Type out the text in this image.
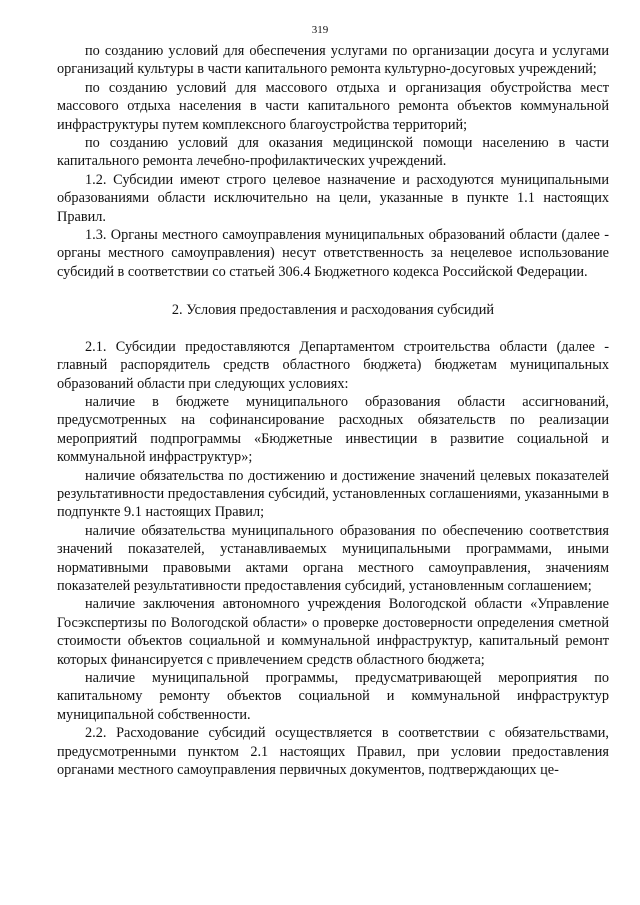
319

по созданию условий для обеспечения услугами по организации досуга и услугами организаций культуры в части капитального ремонта культурно-досуговых учреждений;

по созданию условий для массового отдыха и организация обустройства мест массового отдыха населения в части капитального ремонта объектов коммунальной инфраструктуры путем комплексного благоустройства территорий;

по созданию условий для оказания медицинской помощи населению в части капитального ремонта лечебно-профилактических учреждений.

1.2. Субсидии имеют строго целевое назначение и расходуются муниципальными образованиями области исключительно на цели, указанные в пункте 1.1 настоящих Правил.

1.3. Органы местного самоуправления муниципальных образований области (далее - органы местного самоуправления) несут ответственность за нецелевое использование субсидий в соответствии со статьей 306.4 Бюджетного кодекса Российской Федерации.

2. Условия предоставления и расходования субсидий

2.1. Субсидии предоставляются Департаментом строительства области (далее - главный распорядитель средств областного бюджета) бюджетам муниципальных образований области при следующих условиях:

наличие в бюджете муниципального образования области ассигнований, предусмотренных на софинансирование расходных обязательств по реализации мероприятий подпрограммы «Бюджетные инвестиции в развитие социальной и коммунальной инфраструктур»;

наличие обязательства по достижению и достижение значений целевых показателей результативности предоставления субсидий, установленных соглашениями, указанными в подпункте 9.1 настоящих Правил;

наличие обязательства муниципального образования по обеспечению соответствия значений показателей, устанавливаемых муниципальными программами, иными нормативными правовыми актами органа местного самоуправления, значениям показателей результативности предоставления субсидий, установленным соглашением;

наличие заключения автономного учреждения Вологодской области «Управление Госэкспертизы по Вологодской области» о проверке достоверности определения сметной стоимости объектов социальной и коммунальной инфраструктур, капитальный ремонт которых финансируется с привлечением средств областного бюджета;

наличие муниципальной программы, предусматривающей мероприятия по капитальному ремонту объектов социальной и коммунальной инфраструктур муниципальной собственности.

2.2. Расходование субсидий осуществляется в соответствии с обязательствами, предусмотренными пунктом 2.1 настоящих Правил, при условии предоставления органами местного самоуправления первичных документов, подтверждающих це-
